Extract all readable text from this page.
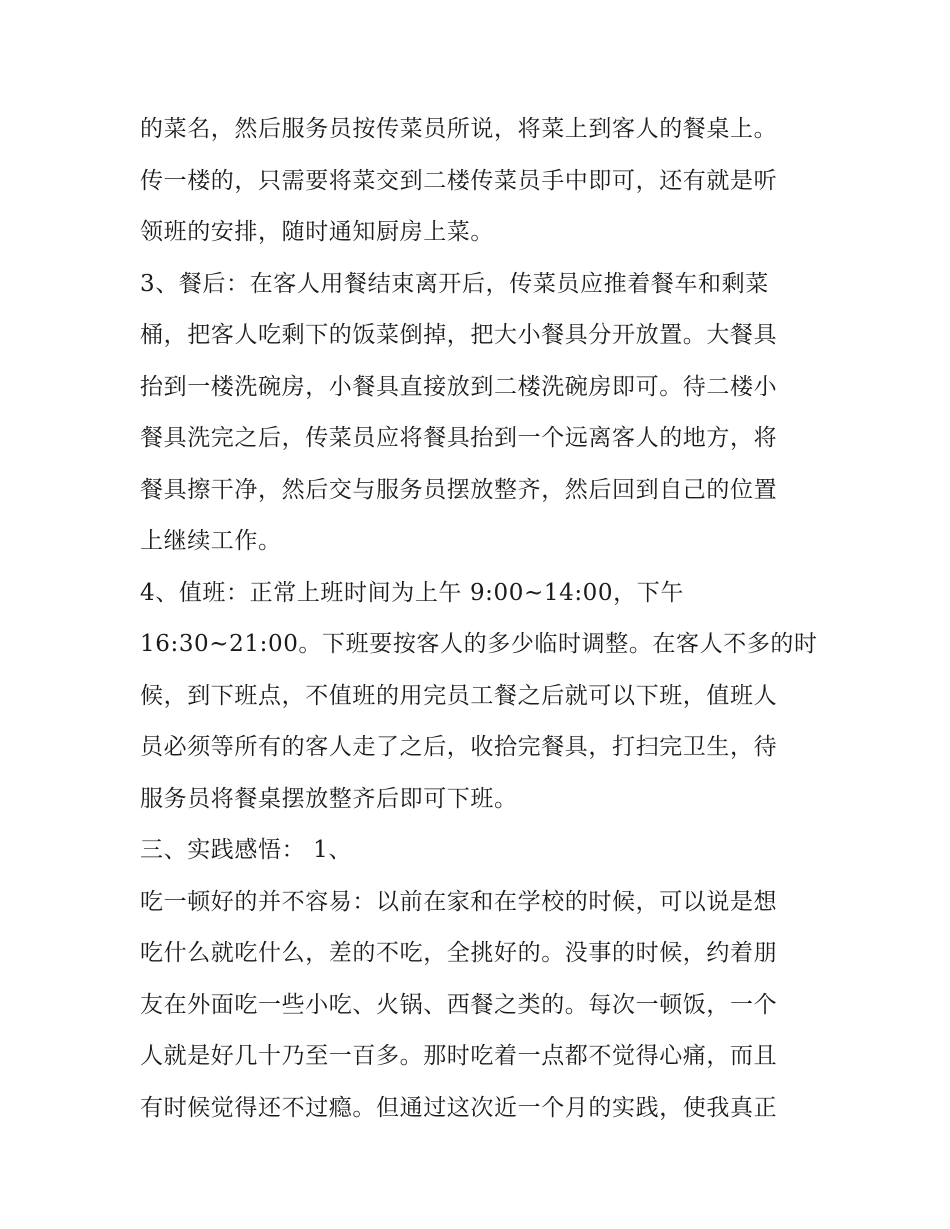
的菜名，然后服务员按传菜员所说，将菜上到客人的餐桌上。
传一楼的，只需要将菜交到二楼传菜员手中即可，还有就是听
领班的安排，随时通知厨房上菜。
3、餐后：在客人用餐结束离开后，传菜员应推着餐车和剩菜
桶，把客人吃剩下的饭菜倒掉，把大小餐具分开放置。大餐具
抬到一楼洗碗房，小餐具直接放到二楼洗碗房即可。待二楼小
餐具洗完之后，传菜员应将餐具抬到一个远离客人的地方，将
餐具擦干净，然后交与服务员摆放整齐，然后回到自己的位置
上继续工作。
4、值班：正常上班时间为上午 9:00~14:00，下午
16:30~21:00。下班要按客人的多少临时调整。在客人不多的时
候，到下班点，不值班的用完员工餐之后就可以下班，值班人
员必须等所有的客人走了之后，收拾完餐具，打扫完卫生，待
服务员将餐桌摆放整齐后即可下班。
三、实践感悟： 1、
吃一顿好的并不容易：以前在家和在学校的时候，可以说是想
吃什么就吃什么，差的不吃，全挑好的。没事的时候，约着朋
友在外面吃一些小吃、火锅、西餐之类的。每次一顿饭，一个
人就是好几十乃至一百多。那时吃着一点都不觉得心痛，而且
有时候觉得还不过瘾。但通过这次近一个月的实践，使我真正
